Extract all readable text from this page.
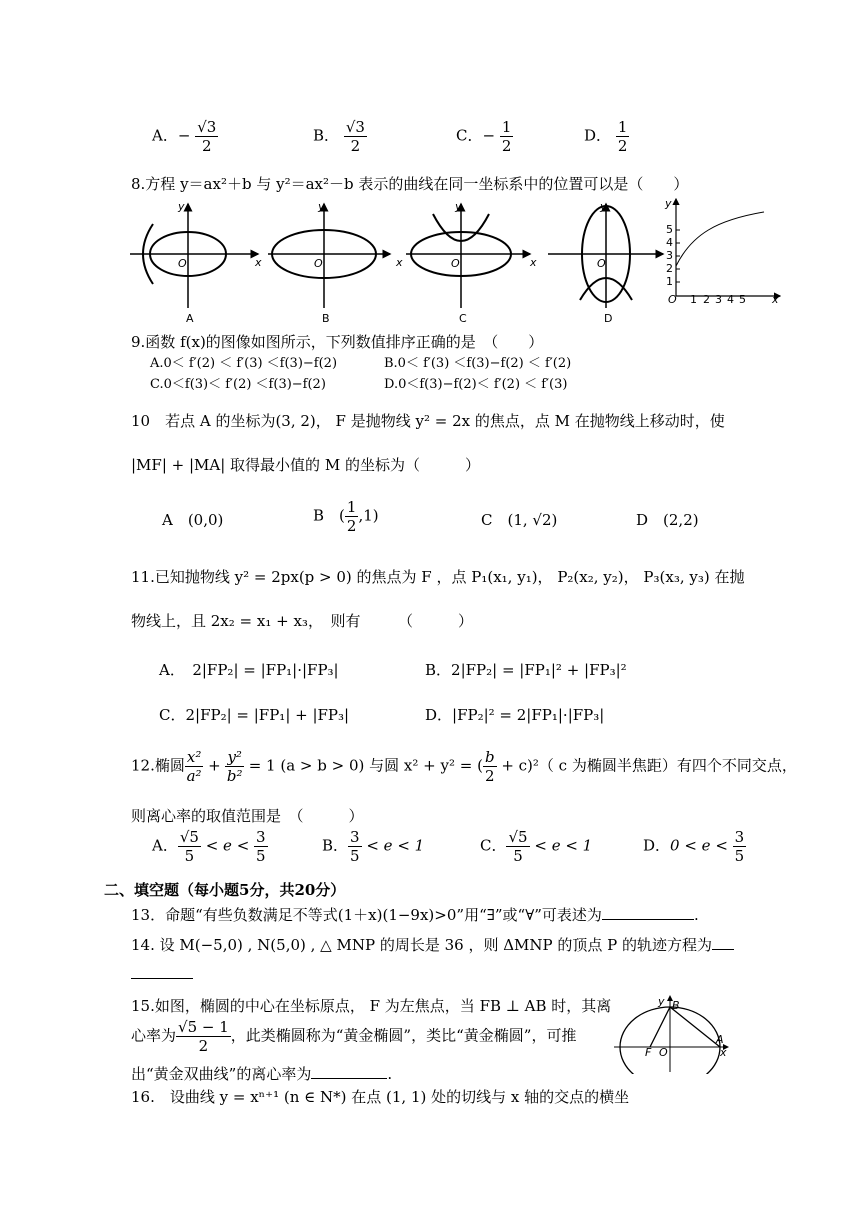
A．− $\frac{√3}{2}$	B． $\frac{√3}{2}$	C．− $\frac{1}{2}$	D． $\frac{1}{2}$
8.方程 y＝ax²＋b 与 y²＝ax²－b 表示的曲线在同一坐标系中的位置可以是（　　）
y
x
O
y
x
O
y
x
O
y
O
A	B	C	D
y
5
4
3
2
1
O 1 2 3 4 5 x
9.函数 f(x)的图像如图所示，下列数值排序正确的是　（　　）
A.0＜ f′(2) ＜ f′(3) ＜f(3)−f(2)	B.0＜ f′(3) ＜f(3)−f(2) ＜ f′(2)
C.0＜f(3)＜ f′(2) ＜f(3)−f(2)	D.0＜f(3)−f(2)＜ f′(2) ＜ f′(3)
10　若点 A 的坐标为(3, 2)， F 是抛物线 y² = 2x 的焦点，点 M 在抛物线上移动时，使
|MF| + |MA| 取得最小值的 M 的坐标为（　　　）
A　(0,0)	B　( $\frac{1}{2} ,1$)	C　(1, √2)	D　(2,2)
11.已知抛物线 y² = 2px(p > 0) 的焦点为 F ，点 P₁(x₁, y₁)， P₂(x₂, y₂)， P₃(x₃, y₃) 在抛
物线上，且 2x₂ = x₁ + x₃，　则有　　　（　　　）
A．　2|FP₂| = |FP₁|·|FP₃|	B．2|FP₂| = |FP₁|² + |FP₃|²
C．2|FP₂| = |FP₁| + |FP₃|	D．|FP₂|² = 2|FP₁|·|FP₃|
12.椭圆 $\frac{\text{x²}}{\text{a²}} + \frac{\text{y²}}{\text{b²}} = 1$ (a > b > 0) 与圆 x² + y² = ( $\frac{b}{2} + c)^2$（ c 为椭圆半焦距）有四个不同交点，
则离心率的取值范围是　（　　　）
A． $\frac{√5}{5} < e < \frac{3}{5}$	B． $\frac{3}{5} < e < 1$	C． $\frac{√5}{5} < e < 1$	D．$0 < e < \frac{3}{5}$
二、填空题（每小题5分，共20分）
13．命题“有些负数满足不等式(1＋x)(1−9x)>0”用“∃”或“∀”可表述为	.
14. 设 M(−5,0) , N(5,0) , △ MNP 的周长是 36 ，则 ΔMNP 的顶点 P 的轨迹方程为
15.如图，椭圆的中心在坐标原点， F 为左焦点，当 FB ⊥ AB 时，其离
心率为 $\frac{√5 - 1}{2}$ ，此类椭圆称为“黄金椭圆”，类比“黄金椭圆”，可推
出“黄金双曲线”的离心率为	.
y B
A
x
F O
16.　设曲线 y = xⁿ⁺¹ (n ∈ N*) 在点 (1, 1) 处的切线与 x 轴的交点的横坐
